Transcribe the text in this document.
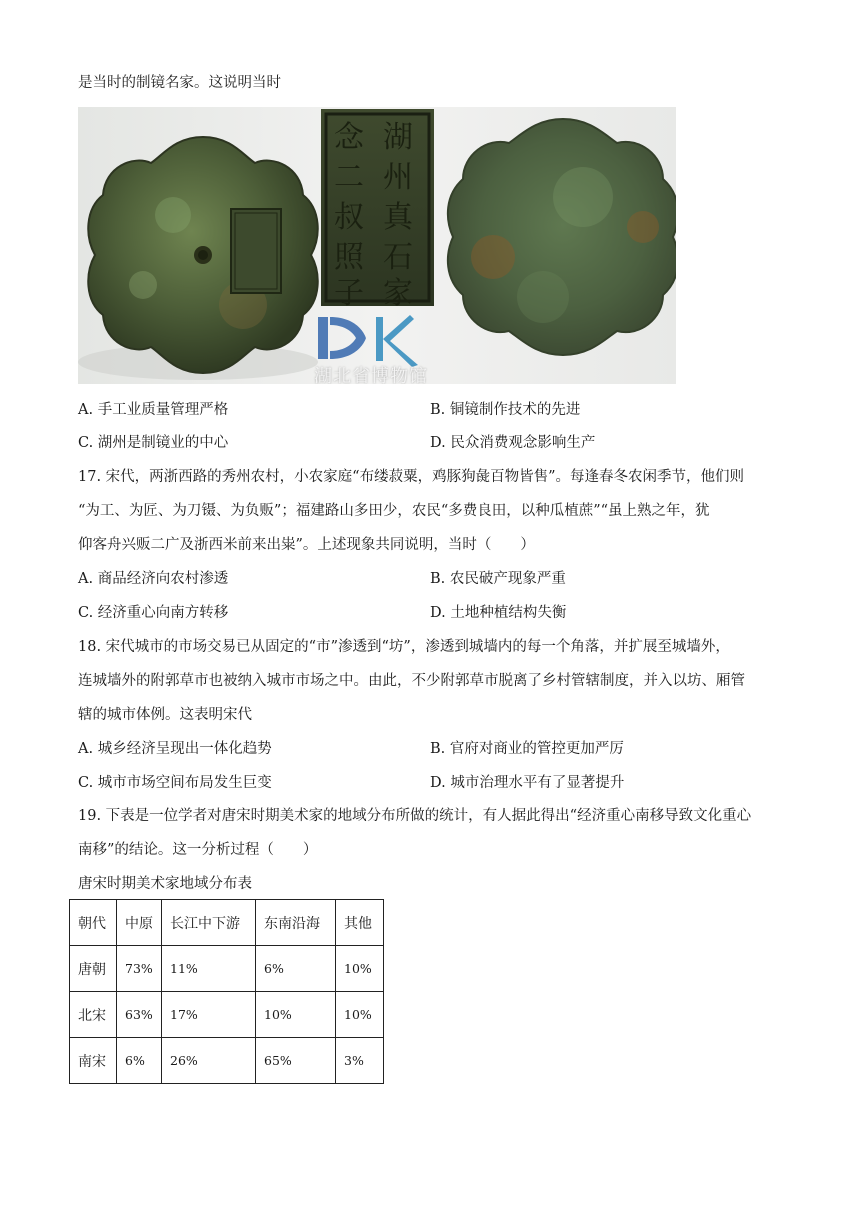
是当时的制镜名家。这说明当时
湖
州
真
石
家
念
二
叔
照
子
湖北省博物馆
A. 手工业质量管理严格	B. 铜镜制作技术的先进
C. 湖州是制镜业的中心	D. 民众消费观念影响生产
17. 宋代，两浙西路的秀州农村，小农家庭“布缕菽粟，鸡豚狗彘百物皆售”。每逢春冬农闲季节，他们则
“为工、为匠、为刀镊、为负贩”；福建路山多田少，农民“多费良田，以种瓜植蔗”“虽上熟之年，犹
仰客舟兴贩二广及浙西米前来出粜”。上述现象共同说明，当时（　　）
A. 商品经济向农村渗透	B. 农民破产现象严重
C. 经济重心向南方转移	D. 土地种植结构失衡
18. 宋代城市的市场交易已从固定的“市”渗透到“坊”，渗透到城墙内的每一个角落，并扩展至城墙外，
连城墙外的附郭草市也被纳入城市市场之中。由此，不少附郭草市脱离了乡村管辖制度，并入以坊、厢管
辖的城市体例。这表明宋代
A. 城乡经济呈现出一体化趋势	B. 官府对商业的管控更加严厉
C. 城市市场空间布局发生巨变	D. 城市治理水平有了显著提升
19. 下表是一位学者对唐宋时期美术家的地域分布所做的统计，有人据此得出“经济重心南移导致文化重心
南移”的结论。这一分析过程（　　）
唐宋时期美术家地域分布表
朝代	中原	长江中下游	东南沿海	其他
唐朝	73%	11%	6%	10%
北宋	63%	17%	10%	10%
南宋	6%	26%	65%	3%
